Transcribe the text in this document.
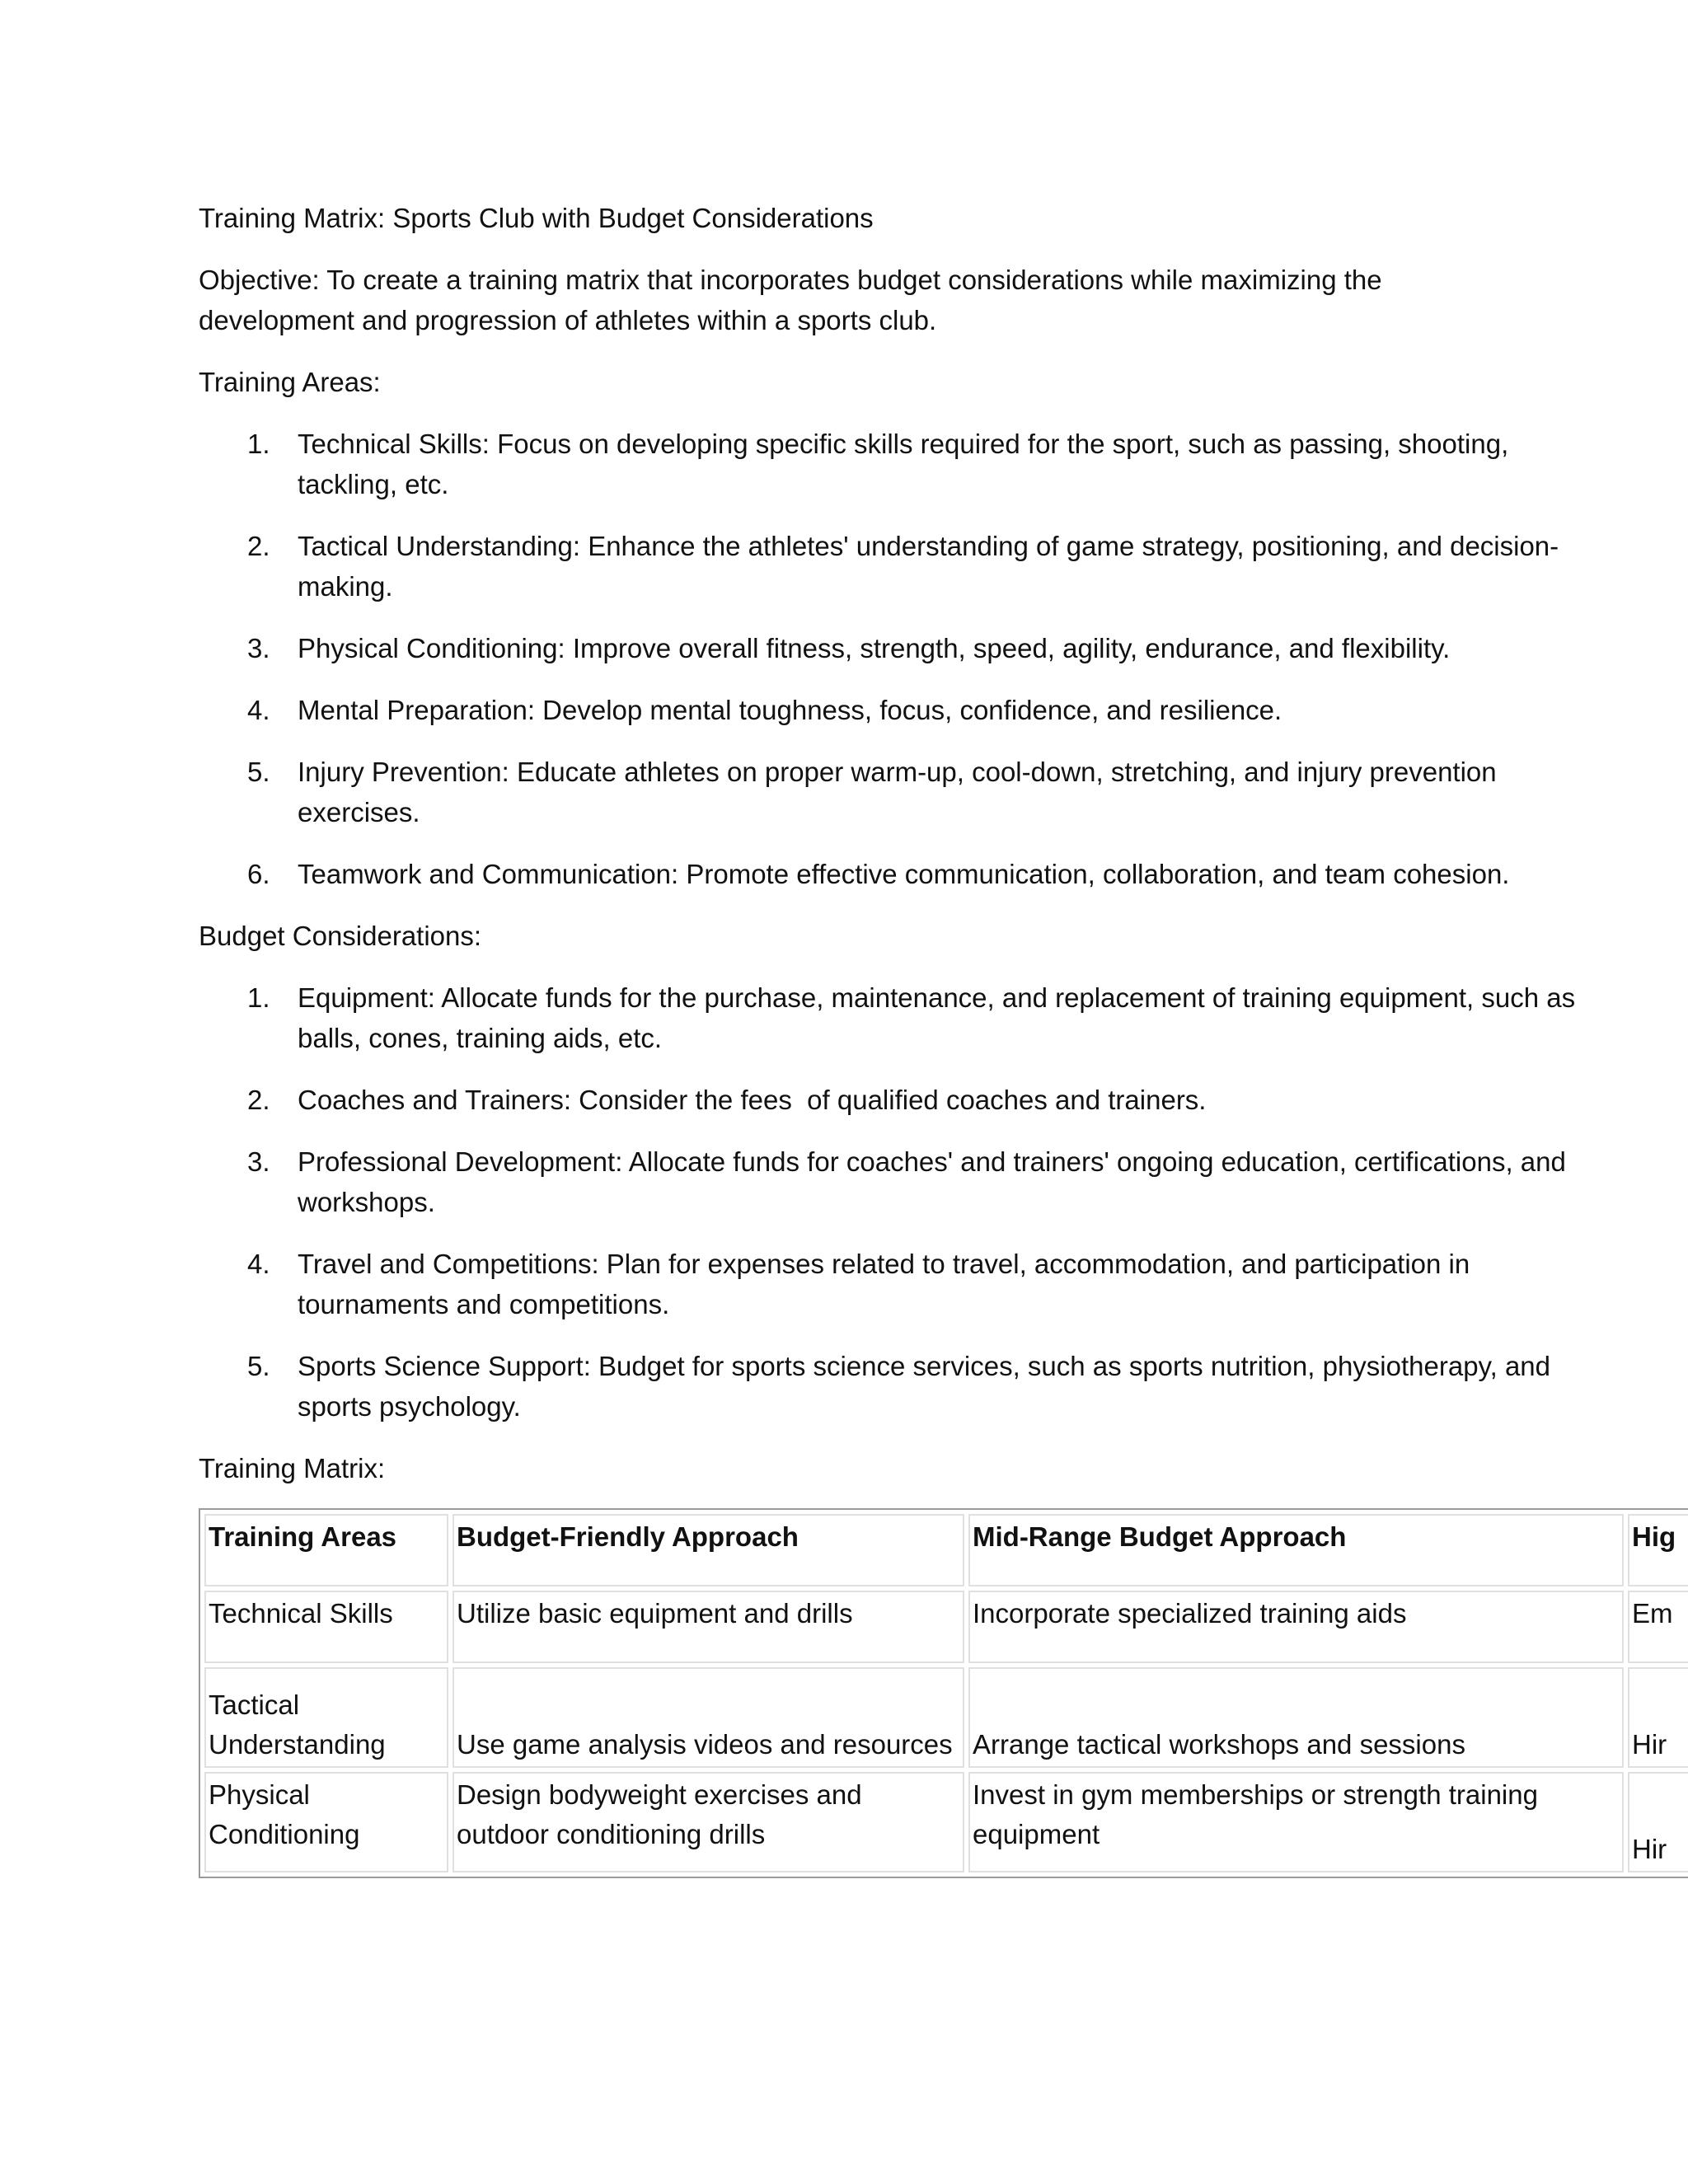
Training Matrix: Sports Club with Budget Considerations

Objective: To create a training matrix that incorporates budget considerations while maximizing the development and progression of athletes within a sports club.

Training Areas:

1. Technical Skills: Focus on developing specific skills required for the sport, such as passing, shooting, tackling, etc.
2. Tactical Understanding: Enhance the athletes' understanding of game strategy, positioning, and decision-making.
3. Physical Conditioning: Improve overall fitness, strength, speed, agility, endurance, and flexibility.
4. Mental Preparation: Develop mental toughness, focus, confidence, and resilience.
5. Injury Prevention: Educate athletes on proper warm-up, cool-down, stretching, and injury prevention exercises.
6. Teamwork and Communication: Promote effective communication, collaboration, and team cohesion.

Budget Considerations:

1. Equipment: Allocate funds for the purchase, maintenance, and replacement of training equipment, such as balls, cones, training aids, etc.
2. Coaches and Trainers: Consider the fees  of qualified coaches and trainers.
3. Professional Development: Allocate funds for coaches' and trainers' ongoing education, certifications, and workshops.
4. Travel and Competitions: Plan for expenses related to travel, accommodation, and participation in tournaments and competitions.
5. Sports Science Support: Budget for sports science services, such as sports nutrition, physiotherapy, and sports psychology.

Training Matrix:

Training Areas	Budget-Friendly Approach	Mid-Range Budget Approach	Hig
Technical Skills	Utilize basic equipment and drills	Incorporate specialized training aids	Em
Tactical Understanding	Use game analysis videos and resources	Arrange tactical workshops and sessions	Hir
Physical Conditioning	Design bodyweight exercises and outdoor conditioning drills	Invest in gym memberships or strength training equipment	Hir
